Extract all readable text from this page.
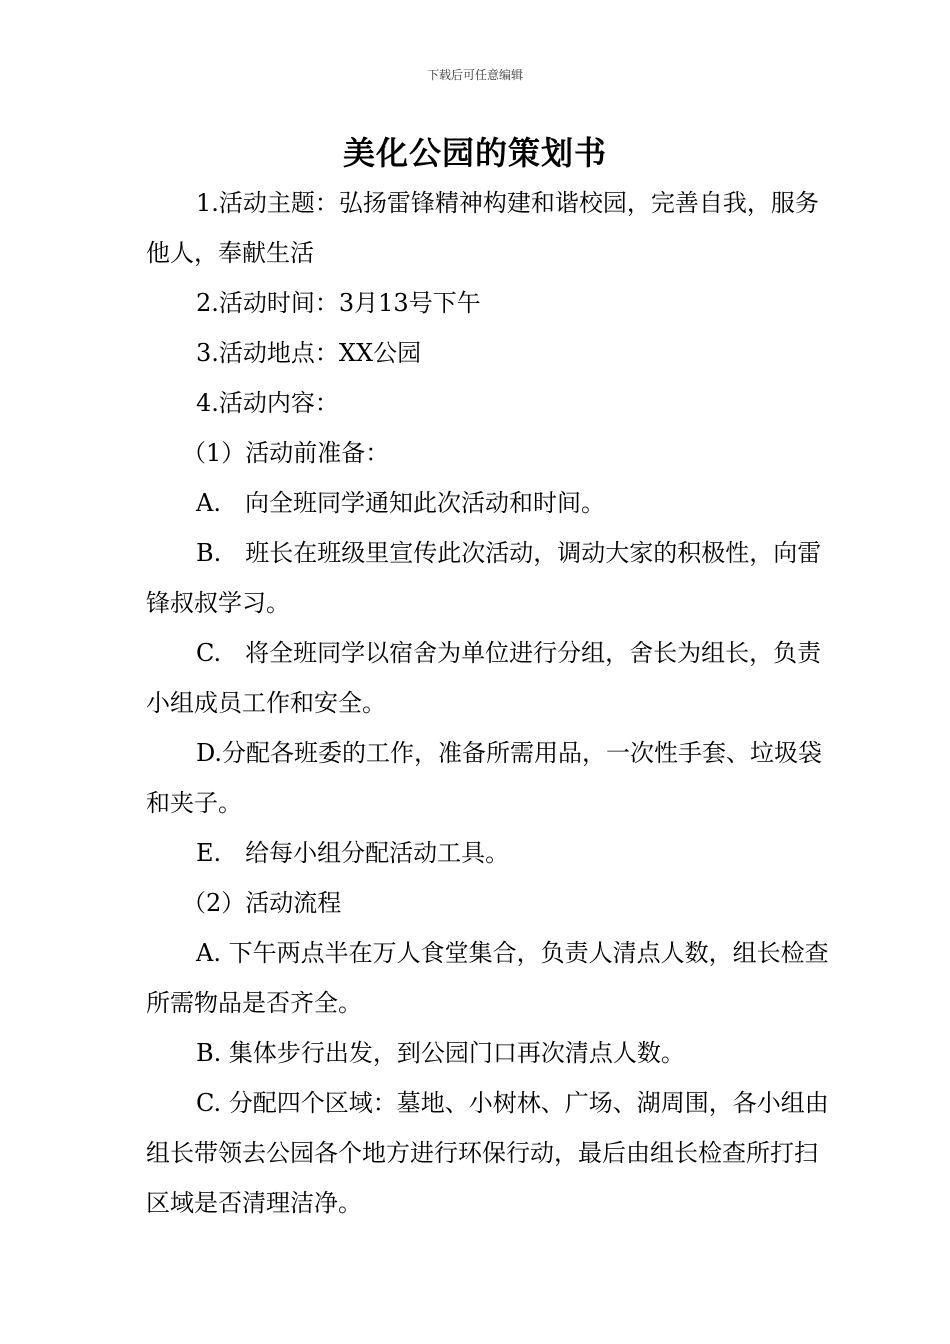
下载后可任意编辑
美化公园的策划书

1.活动主题：弘扬雷锋精神构建和谐校园，完善自我，服务他人，奉献生活

2.活动时间：3月13号下午

3.活动地点：XX公园

4.活动内容：

（1）活动前准备：

A. 向全班同学通知此次活动和时间。

B. 班长在班级里宣传此次活动，调动大家的积极性，向雷锋叔叔学习。

C. 将全班同学以宿舍为单位进行分组，舍长为组长，负责小组成员工作和安全。

D.分配各班委的工作，准备所需用品，一次性手套、垃圾袋和夹子。

E. 给每小组分配活动工具。

（2）活动流程

A. 下午两点半在万人食堂集合，负责人清点人数，组长检查所需物品是否齐全。

B. 集体步行出发，到公园门口再次清点人数。

C. 分配四个区域：墓地、小树林、广场、湖周围，各小组由组长带领去公园各个地方进行环保行动，最后由组长检查所打扫区域是否清理洁净。
